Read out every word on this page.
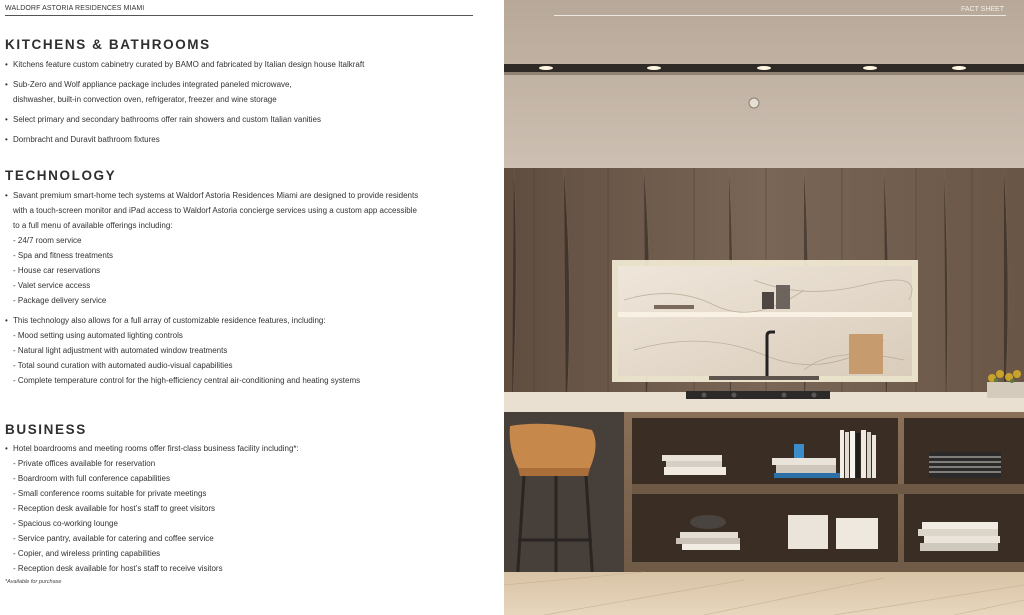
WALDORF ASTORIA RESIDENCES MIAMI
KITCHENS & BATHROOMS
• Kitchens feature custom cabinetry curated by BAMO and fabricated by Italian design house Italkraft
• Sub-Zero and Wolf appliance package includes integrated paneled microwave,
dishwasher, built-in convection oven, refrigerator, freezer and wine storage
• Select primary and secondary bathrooms offer rain showers and custom Italian vanities
• Dornbracht and Duravit bathroom fixtures
TECHNOLOGY
• Savant premium smart-home tech systems at Waldorf Astoria Residences Miami are designed to provide residents
with a touch-screen monitor and iPad access to Waldorf Astoria concierge services using a custom app accessible
to a full menu of available offerings including:
- 24/7 room service
- Spa and fitness treatments
- House car reservations
- Valet service access
- Package delivery service
• This technology also allows for a full array of customizable residence features, including:
- Mood setting using automated lighting controls
- Natural light adjustment with automated window treatments
- Total sound curation with automated audio-visual capabilities
- Complete temperature control for the high-efficiency central air-conditioning and heating systems
BUSINESS
• Hotel boardrooms and meeting rooms offer first-class business facility including*:
- Private offices available for reservation
- Boardroom with full conference capabilities
- Small conference rooms suitable for private meetings
- Reception desk available for host’s staff to greet visitors
- Spacious co-working lounge
- Service pantry, available for catering and coffee service
- Copier, and wireless printing capabilities
- Reception desk available for host’s staff to receive visitors
*Available for purchase
FACT SHEET
